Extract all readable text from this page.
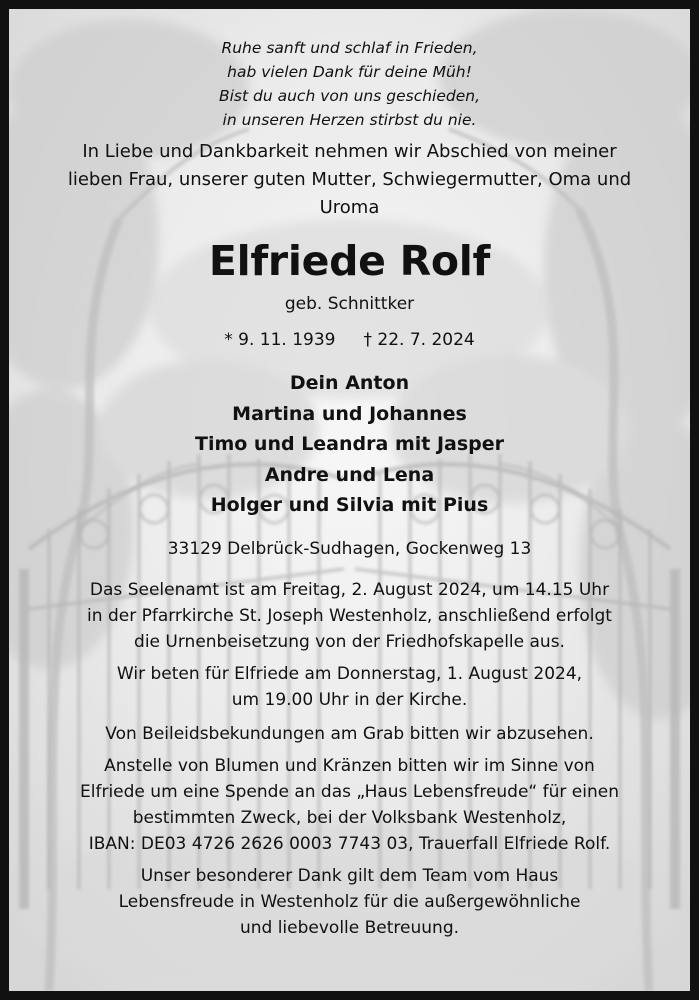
Ruhe sanft und schlaf in Frieden,
hab vielen Dank für deine Müh!
Bist du auch von uns geschieden,
in unseren Herzen stirbst du nie.
In Liebe und Dankbarkeit nehmen wir Abschied von meiner
lieben Frau, unserer guten Mutter, Schwiegermutter, Oma und
Uroma
Elfriede Rolf
geb. Schnittker
* 9. 11. 1939 † 22. 7. 2024
Dein Anton
Martina und Johannes
Timo und Leandra mit Jasper
Andre und Lena
Holger und Silvia mit Pius
33129 Delbrück-Sudhagen, Gockenweg 13
Das Seelenamt ist am Freitag, 2. August 2024, um 14.15 Uhr
in der Pfarrkirche St. Joseph Westenholz, anschließend erfolgt
die Urnenbeisetzung von der Friedhofskapelle aus.
Wir beten für Elfriede am Donnerstag, 1. August 2024,
um 19.00 Uhr in der Kirche.
Von Beileidsbekundungen am Grab bitten wir abzusehen.
Anstelle von Blumen und Kränzen bitten wir im Sinne von
Elfriede um eine Spende an das „Haus Lebensfreude“ für einen
bestimmten Zweck, bei der Volksbank Westenholz,
IBAN: DE03 4726 2626 0003 7743 03, Trauerfall Elfriede Rolf.
Unser besonderer Dank gilt dem Team vom Haus
Lebensfreude in Westenholz für die außergewöhnliche
und liebevolle Betreuung.
